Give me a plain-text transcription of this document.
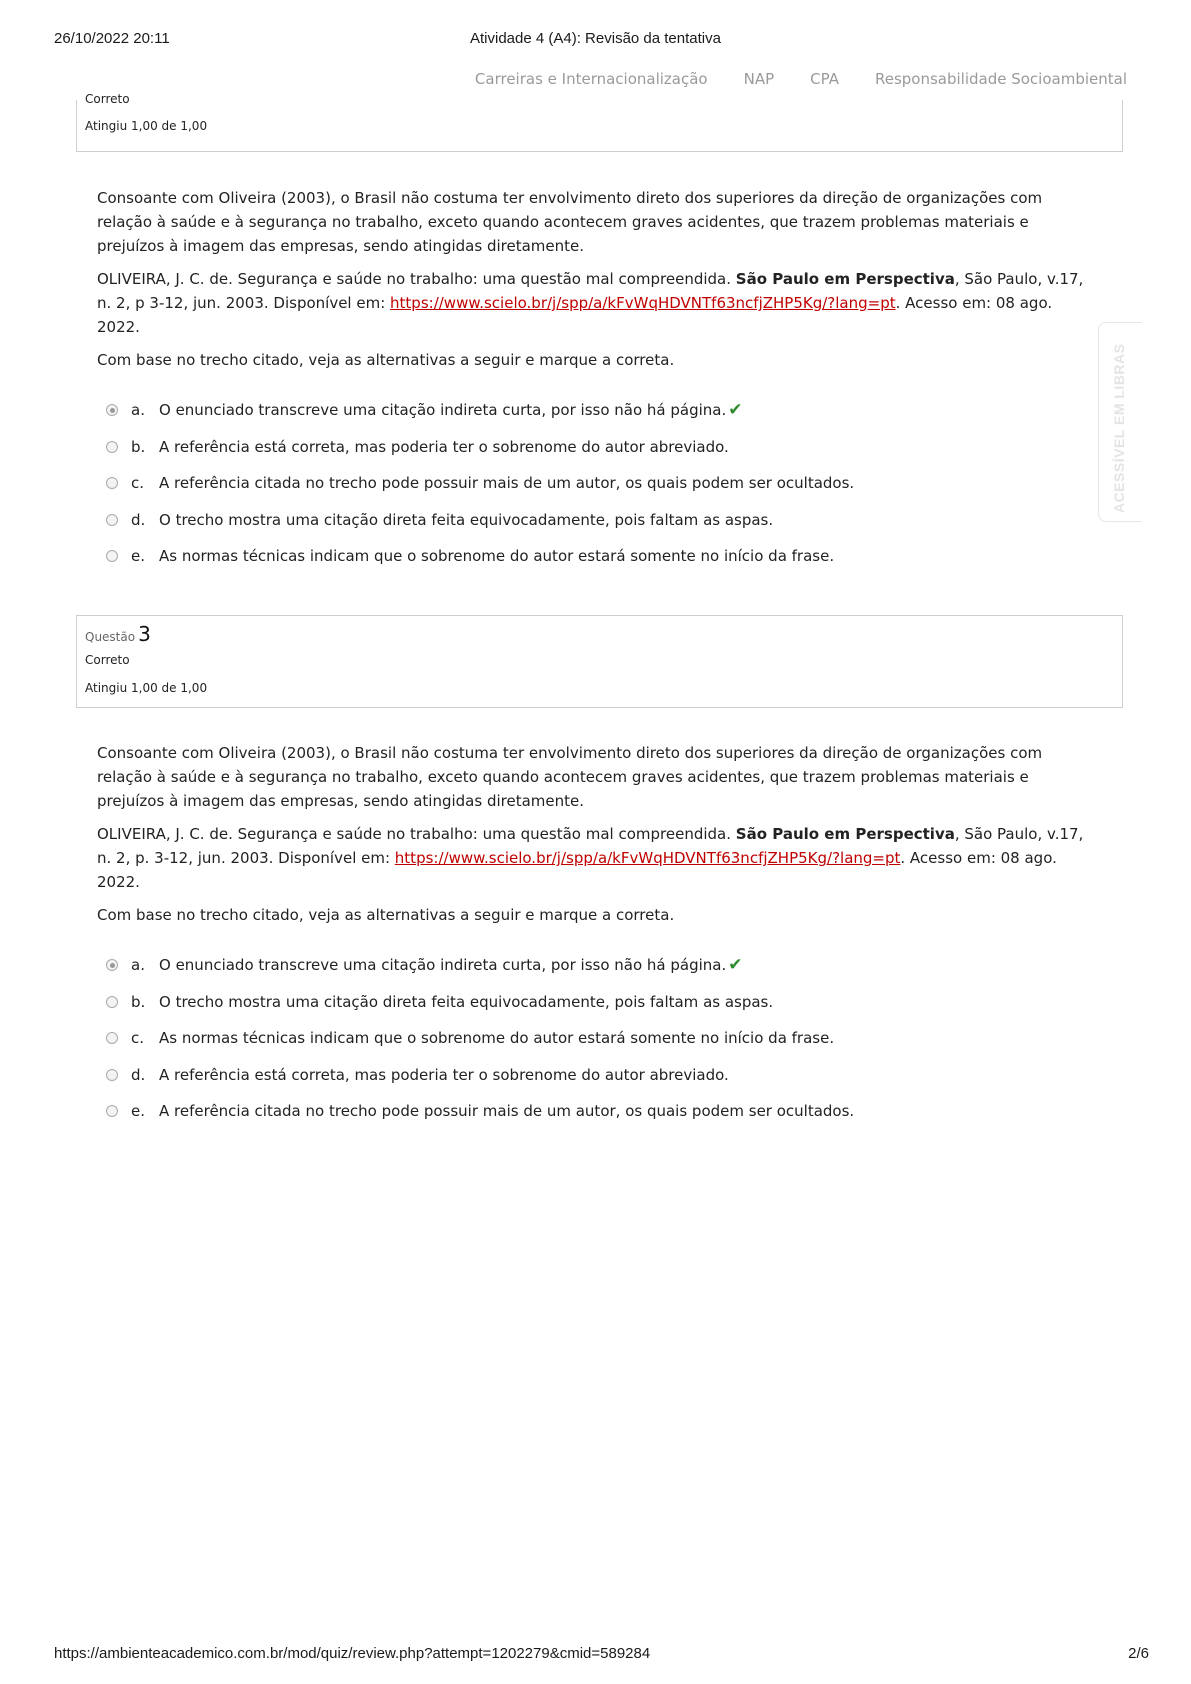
26/10/2022 20:11	Atividade 4 (A4): Revisão da tentativa
Carreiras e Internacionalização NAP CPA Responsabilidade Socioambiental
Correto
Atingiu 1,00 de 1,00

Consoante com Oliveira (2003), o Brasil não costuma ter envolvimento direto dos superiores da direção de organizações com relação à saúde e à segurança no trabalho, exceto quando acontecem graves acidentes, que trazem problemas materiais e prejuízos à imagem das empresas, sendo atingidas diretamente.

OLIVEIRA, J. C. de. Segurança e saúde no trabalho: uma questão mal compreendida. São Paulo em Perspectiva, São Paulo, v.17, n. 2, p 3-12, jun. 2003. Disponível em: https://www.scielo.br/j/spp/a/kFvWqHDVNTf63ncfjZHP5Kg/?lang=pt. Acesso em: 08 ago. 2022.

Com base no trecho citado, veja as alternativas a seguir e marque a correta.

a. O enunciado transcreve uma citação indireta curta, por isso não há página. ✔
b. A referência está correta, mas poderia ter o sobrenome do autor abreviado.
c. A referência citada no trecho pode possuir mais de um autor, os quais podem ser ocultados.
d. O trecho mostra uma citação direta feita equivocadamente, pois faltam as aspas.
e. As normas técnicas indicam que o sobrenome do autor estará somente no início da frase.
ACESSÍVEL EM LIBRAS
Questão 3
Correto
Atingiu 1,00 de 1,00

Consoante com Oliveira (2003), o Brasil não costuma ter envolvimento direto dos superiores da direção de organizações com relação à saúde e à segurança no trabalho, exceto quando acontecem graves acidentes, que trazem problemas materiais e prejuízos à imagem das empresas, sendo atingidas diretamente.

OLIVEIRA, J. C. de. Segurança e saúde no trabalho: uma questão mal compreendida. São Paulo em Perspectiva, São Paulo, v.17, n. 2, p. 3-12, jun. 2003. Disponível em: https://www.scielo.br/j/spp/a/kFvWqHDVNTf63ncfjZHP5Kg/?lang=pt. Acesso em: 08 ago. 2022.

Com base no trecho citado, veja as alternativas a seguir e marque a correta.

a. O enunciado transcreve uma citação indireta curta, por isso não há página. ✔
b. O trecho mostra uma citação direta feita equivocadamente, pois faltam as aspas.
c. As normas técnicas indicam que o sobrenome do autor estará somente no início da frase.
d. A referência está correta, mas poderia ter o sobrenome do autor abreviado.
e. A referência citada no trecho pode possuir mais de um autor, os quais podem ser ocultados.
https://ambienteacademico.com.br/mod/quiz/review.php?attempt=1202279&cmid=589284	2/6
